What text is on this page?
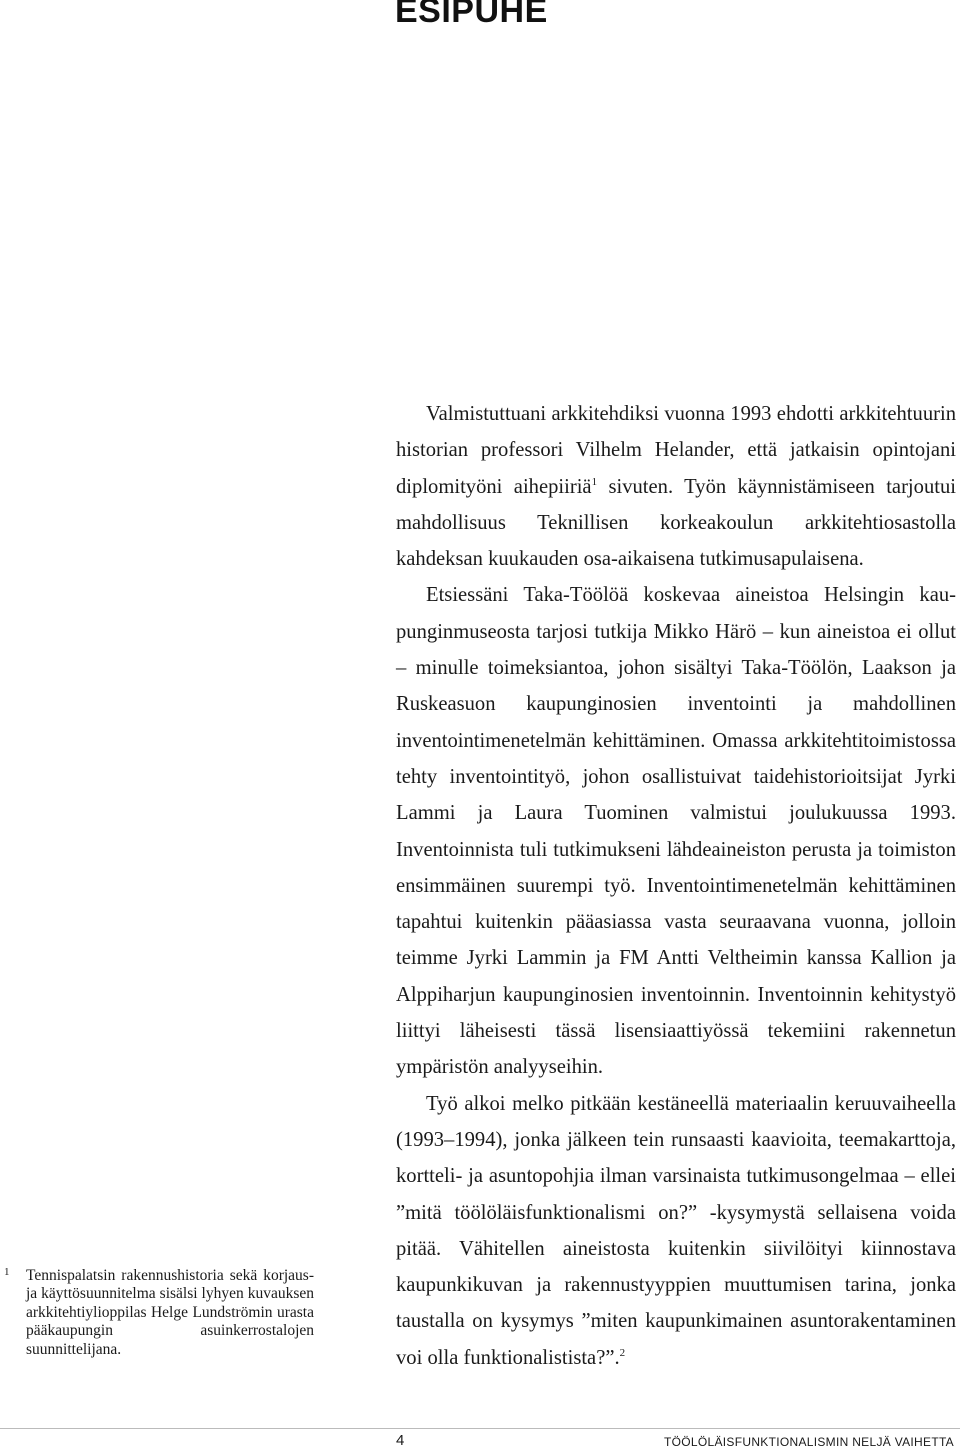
ESIPUHE

Valmistuttuani arkkitehdiksi vuonna 1993 ehdotti arkkitehtuurin historian professori Vilhelm Helander, että jatkaisin opintojani diplomityöni aihepiiriä$^1$ sivuten. Työn käynnistämiseen tarjoutui mahdollisuus Teknillisen korkeakoulun arkkitehtiosastolla kahdeksan kuukauden osa-aikaisena tutkimusapulaisena.

Etsiessäni Taka-Töölöä koskevaa aineistoa Helsingin kaupunginmuseosta tarjosi tutkija Mikko Härö – kun aineistoa ei ollut – minulle toimeksiantoa, johon sisältyi Taka-Töölön, Laakson ja Ruskeasuon kaupunginosien inventointi ja mahdollinen inventointimenetelmän kehittäminen. Omassa arkkitehtitoimistossa tehty inventointityö, johon osallistuivat taidehistorioitsijat Jyrki Lammi ja Laura Tuominen valmistui joulukuussa 1993. Inventoinnista tuli tutkimukseni lähdeaineiston perusta ja toimiston ensimmäinen suurempi työ. Inventointimenetelmän kehittäminen tapahtui kuitenkin pääasiassa vasta seuraavana vuonna, jolloin teimme Jyrki Lammin ja FM Antti Veltheimin kanssa Kallion ja Alppiharjun kaupunginosien inventoinnin. Inventoinnin kehitystyö liittyi läheisesti tässä lisensiaattiyössä tekemiini rakennetun ympäristön analyyseihin.

Työ alkoi melko pitkään kestäneellä materiaalin keruuvaiheella (1993–1994), jonka jälkeen tein runsaasti kaavioita, teemakarttoja, kortteli- ja asuntopohjia ilman varsinaista tutkimusongelmaa – ellei ”mitä töölöläisfunktionalismi on?” -kysymystä sellaisena voida pitää. Vähitellen aineistosta kuitenkin siivilöityi kiinnostava kaupunkikuvan ja rakennustyyppien muuttumisen tarina, jonka taustalla on kysymys ”miten kaupunkimainen asuntorakentaminen voi olla funktionalistista?”.$^2$

1 Tennispalatsin rakennushistoria sekä korjaus- ja käyttösuunnitelma sisälsi lyhyen kuvauksen arkkitehtiylioppilas Helge Lundströmin urasta pääkaupungin asuinkerrostalojen suunnittelijana.
4	TÖÖLÖLÄISFUNKTIONALISMIN NELJÄ VAIHETTA
